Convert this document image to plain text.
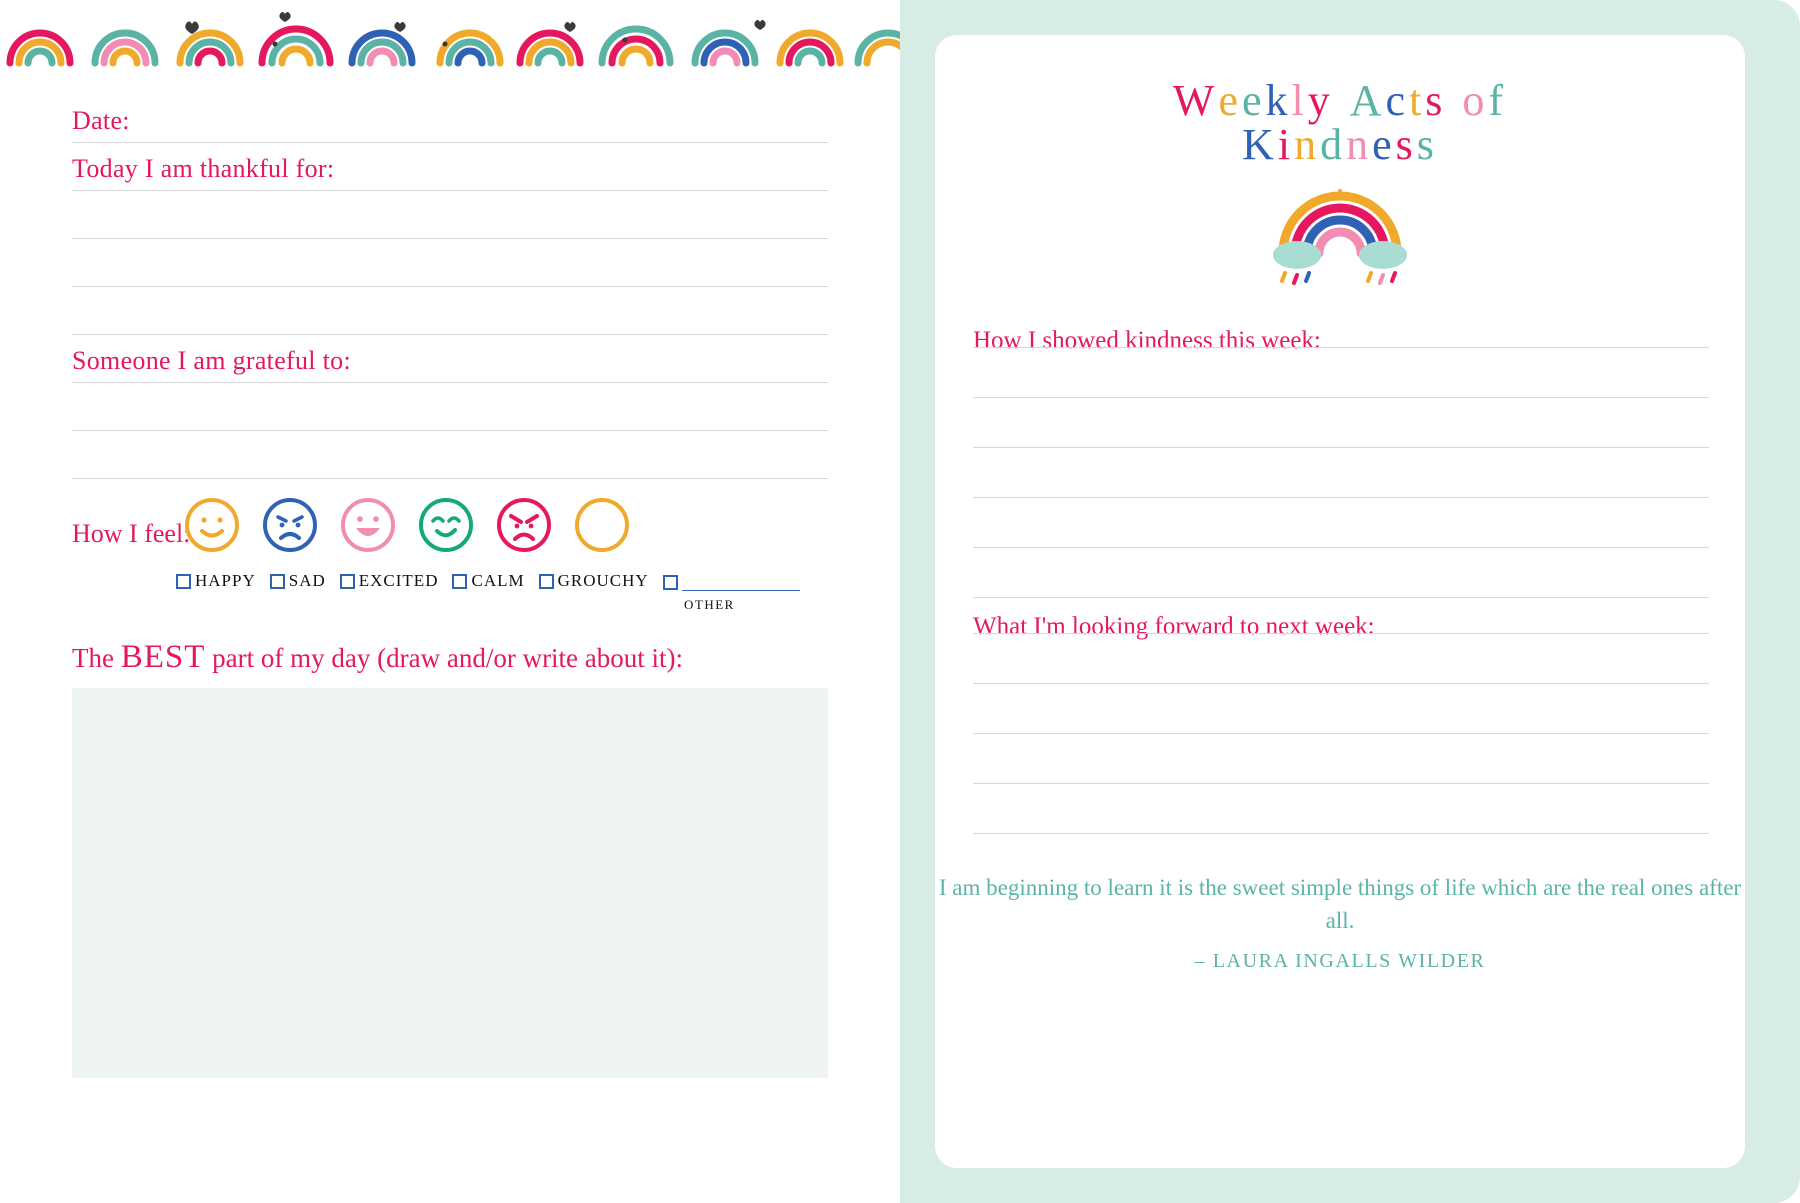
Date:
Today I am thankful for:
Someone I am grateful to:
How I feel:
HAPPY SAD EXCITED CALM GROUCHY
OTHER
The BEST part of my day (draw and/or write about it):
Weekly Acts of
Kindness
How I showed kindness this week:
What I'm looking forward to next week:
I am beginning to learn it is the sweet simple things of life which are the real ones after all.
– LAURA INGALLS WILDER
